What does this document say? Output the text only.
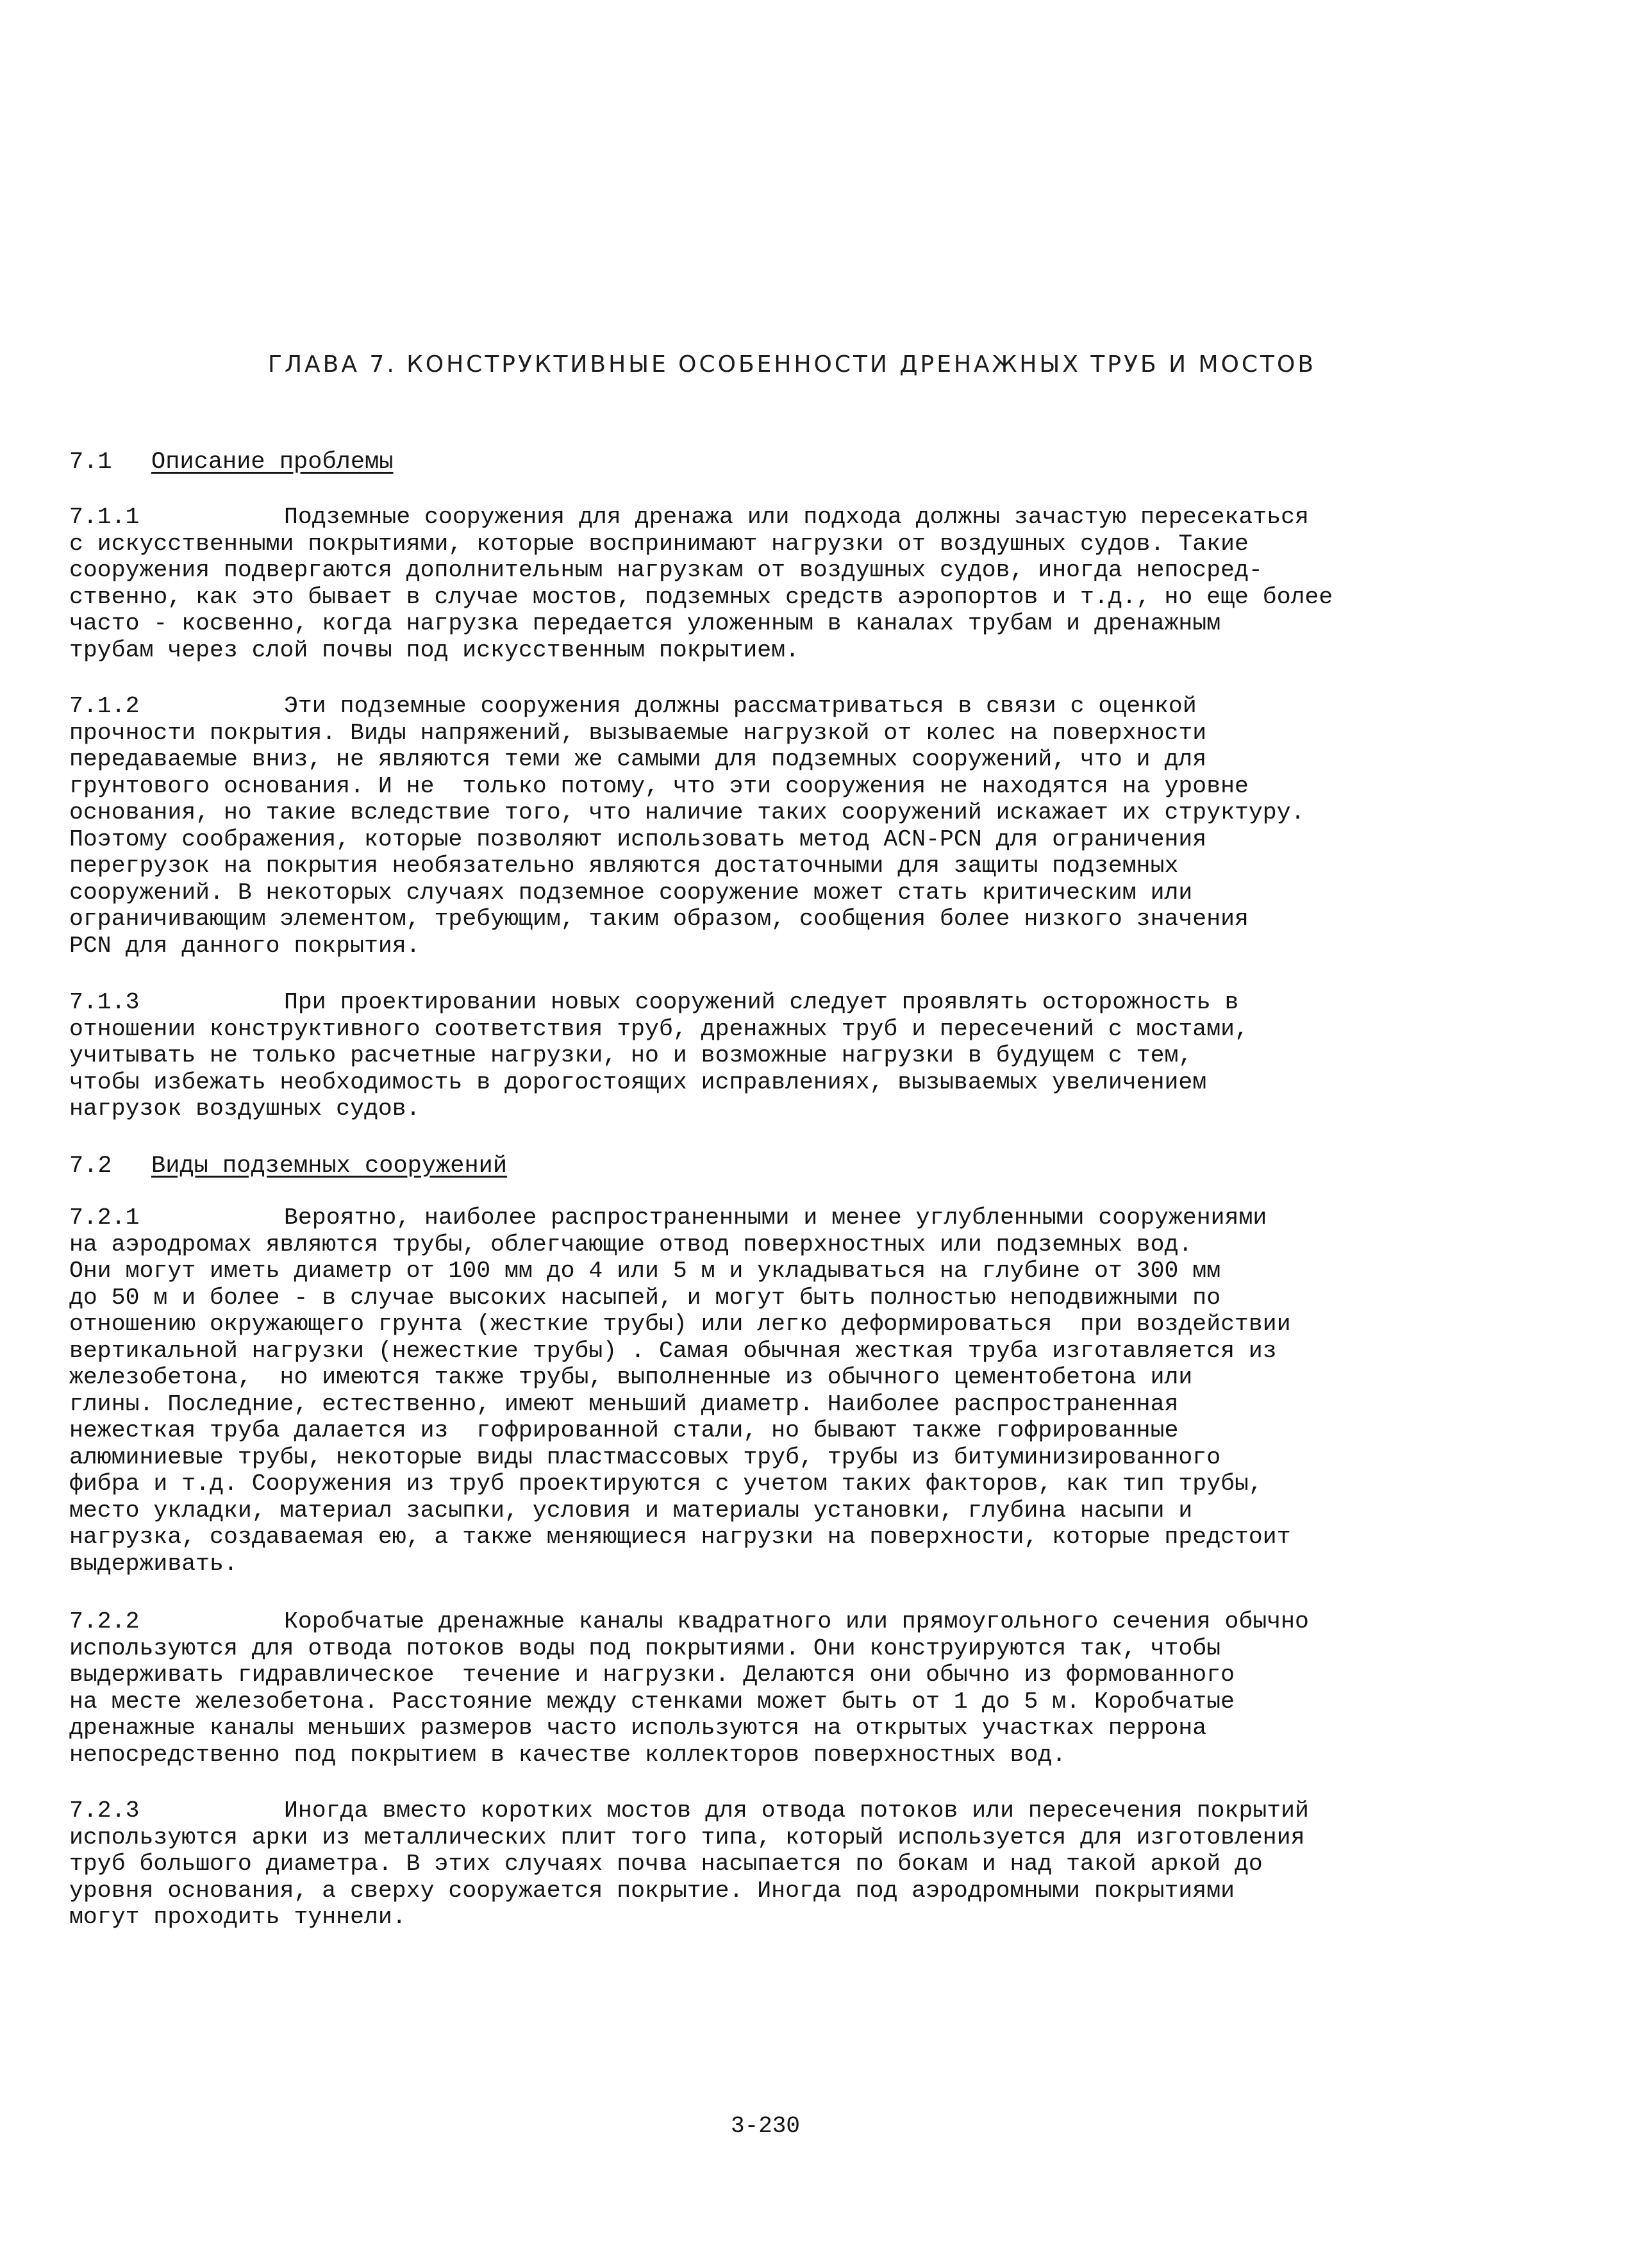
ГЛАВА 7. КОНСТРУКТИВНЫЕ ОСОБЕННОСТИ ДРЕНАЖНЫХ ТРУБ И МОСТОВ
7.1 Описание проблемы
7.1.1	Подземные сооружения для дренажа или подхода должны зачастую пересекаться
с искусственными покрытиями, которые воспринимают нагрузки от воздушных судов. Такие
сооружения подвергаются дополнительным нагрузкам от воздушных судов, иногда непосред-
ственно, как это бывает в случае мостов, подземных средств аэропортов и т.д., но еще более
часто - косвенно, когда нагрузка передается уложенным в каналах трубам и дренажным
трубам через слой почвы под искусственным покрытием.
7.1.2	Эти подземные сооружения должны рассматриваться в связи с оценкой
прочности покрытия. Виды напряжений, вызываемые нагрузкой от колес на поверхности
передаваемые вниз, не являются теми же самыми для подземных сооружений, что и для
грунтового основания. И не  только потому, что эти сооружения не находятся на уровне
основания, но такие вследствие того, что наличие таких сооружений искажает их структуру.
Поэтому соображения, которые позволяют использовать метод ACN-PCN для ограничения
перегрузок на покрытия необязательно являются достаточными для защиты подземных
сооружений. В некоторых случаях подземное сооружение может стать критическим или
ограничивающим элементом, требующим, таким образом, сообщения более низкого значения
PCN для данного покрытия.
7.1.3	При проектировании новых сооружений следует проявлять осторожность в
отношении конструктивного соответствия труб, дренажных труб и пересечений с мостами,
учитывать не только расчетные нагрузки, но и возможные нагрузки в будущем с тем,
чтобы избежать необходимость в дорогостоящих исправлениях, вызываемых увеличением
нагрузок воздушных судов.
7.2 Виды подземных сооружений
7.2.1	Вероятно, наиболее распространенными и менее углубленными сооружениями
на аэродромах являются трубы, облегчающие отвод поверхностных или подземных вод.
Они могут иметь диаметр от 100 мм до 4 или 5 м и укладываться на глубине от 300 мм
до 50 м и более - в случае высоких насыпей, и могут быть полностью неподвижными по
отношению окружающего грунта (жесткие трубы) или легко деформироваться  при воздействии
вертикальной нагрузки (нежесткие трубы) . Самая обычная жесткая труба изготавляется из
железобетона,  но имеются также трубы, выполненные из обычного цементобетона или
глины. Последние, естественно, имеют меньший диаметр. Наиболее распространенная
нежесткая труба далается из  гофрированной стали, но бывают также гофрированные
алюминиевые трубы, некоторые виды пластмассовых труб, трубы из битуминизированного
фибра и т.д. Сооружения из труб проектируются с учетом таких факторов, как тип трубы,
место укладки, материал засыпки, условия и материалы установки, глубина насыпи и
нагрузка, создаваемая ею, а также меняющиеся нагрузки на поверхности, которые предстоит
выдерживать.
7.2.2	Коробчатые дренажные каналы квадратного или прямоугольного сечения обычно
используются для отвода потоков воды под покрытиями. Они конструируются так, чтобы
выдерживать гидравлическое  течение и нагрузки. Делаются они обычно из формованного
на месте железобетона. Расстояние между стенками может быть от 1 до 5 м. Коробчатые
дренажные каналы меньших размеров часто используются на открытых участках перрона
непосредственно под покрытием в качестве коллекторов поверхностных вод.
7.2.3	Иногда вместо коротких мостов для отвода потоков или пересечения покрытий
используются арки из металлических плит того типа, который используется для изготовления
труб большого диаметра. В этих случаях почва насыпается по бокам и над такой аркой до
уровня основания, а сверху сооружается покрытие. Иногда под аэродромными покрытиями
могут проходить туннели.
3-230
